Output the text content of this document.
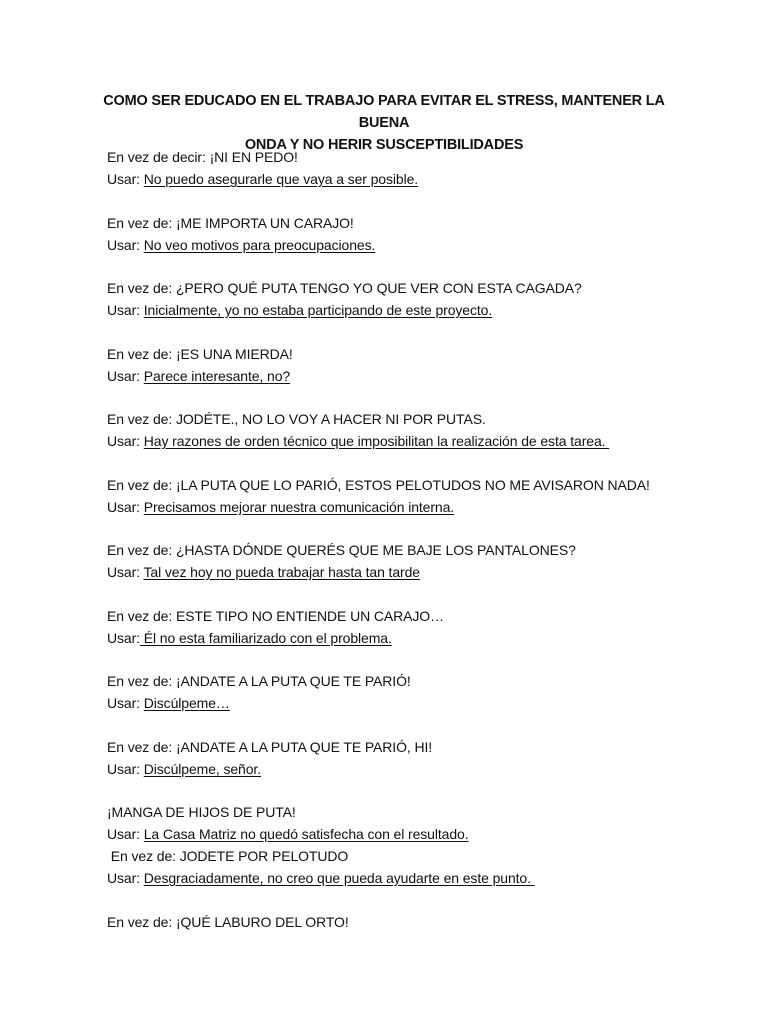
COMO SER EDUCADO EN EL TRABAJO PARA EVITAR EL STRESS, MANTENER LA BUENA
ONDA Y NO HERIR SUSCEPTIBILIDADES
En vez de decir: ¡NI EN PEDO!
Usar: No puedo asegurarle que vaya a ser posible.
En vez de: ¡ME IMPORTA UN CARAJO!
Usar: No veo motivos para preocupaciones.
En vez de: ¿PERO QUÉ PUTA TENGO YO QUE VER CON ESTA CAGADA?
Usar: Inicialmente, yo no estaba participando de este proyecto.
En vez de: ¡ES UNA MIERDA!
Usar: Parece interesante, no?
En vez de: JODÉTE., NO LO VOY A HACER NI POR PUTAS.
Usar: Hay razones de orden técnico que imposibilitan la realización de esta tarea.
En vez de: ¡LA PUTA QUE LO PARIÓ, ESTOS PELOTUDOS NO ME AVISARON NADA!
Usar: Precisamos mejorar nuestra comunicación interna.
En vez de: ¿HASTA DÓNDE QUERÉS QUE ME BAJE LOS PANTALONES?
Usar: Tal vez hoy no pueda trabajar hasta tan tarde
En vez de: ESTE TIPO NO ENTIENDE UN CARAJO…
Usar: Él no esta familiarizado con el problema.
En vez de: ¡ANDATE A LA PUTA QUE TE PARIÓ!
Usar: Discúlpeme…
En vez de: ¡ANDATE A LA PUTA QUE TE PARIÓ, HI!
Usar: Discúlpeme, señor.
¡MANGA DE HIJOS DE PUTA!
Usar: La Casa Matriz no quedó satisfecha con el resultado.
En vez de: JODETE POR PELOTUDO
Usar: Desgraciadamente, no creo que pueda ayudarte en este punto.
En vez de: ¡QUÉ LABURO DEL ORTO!
